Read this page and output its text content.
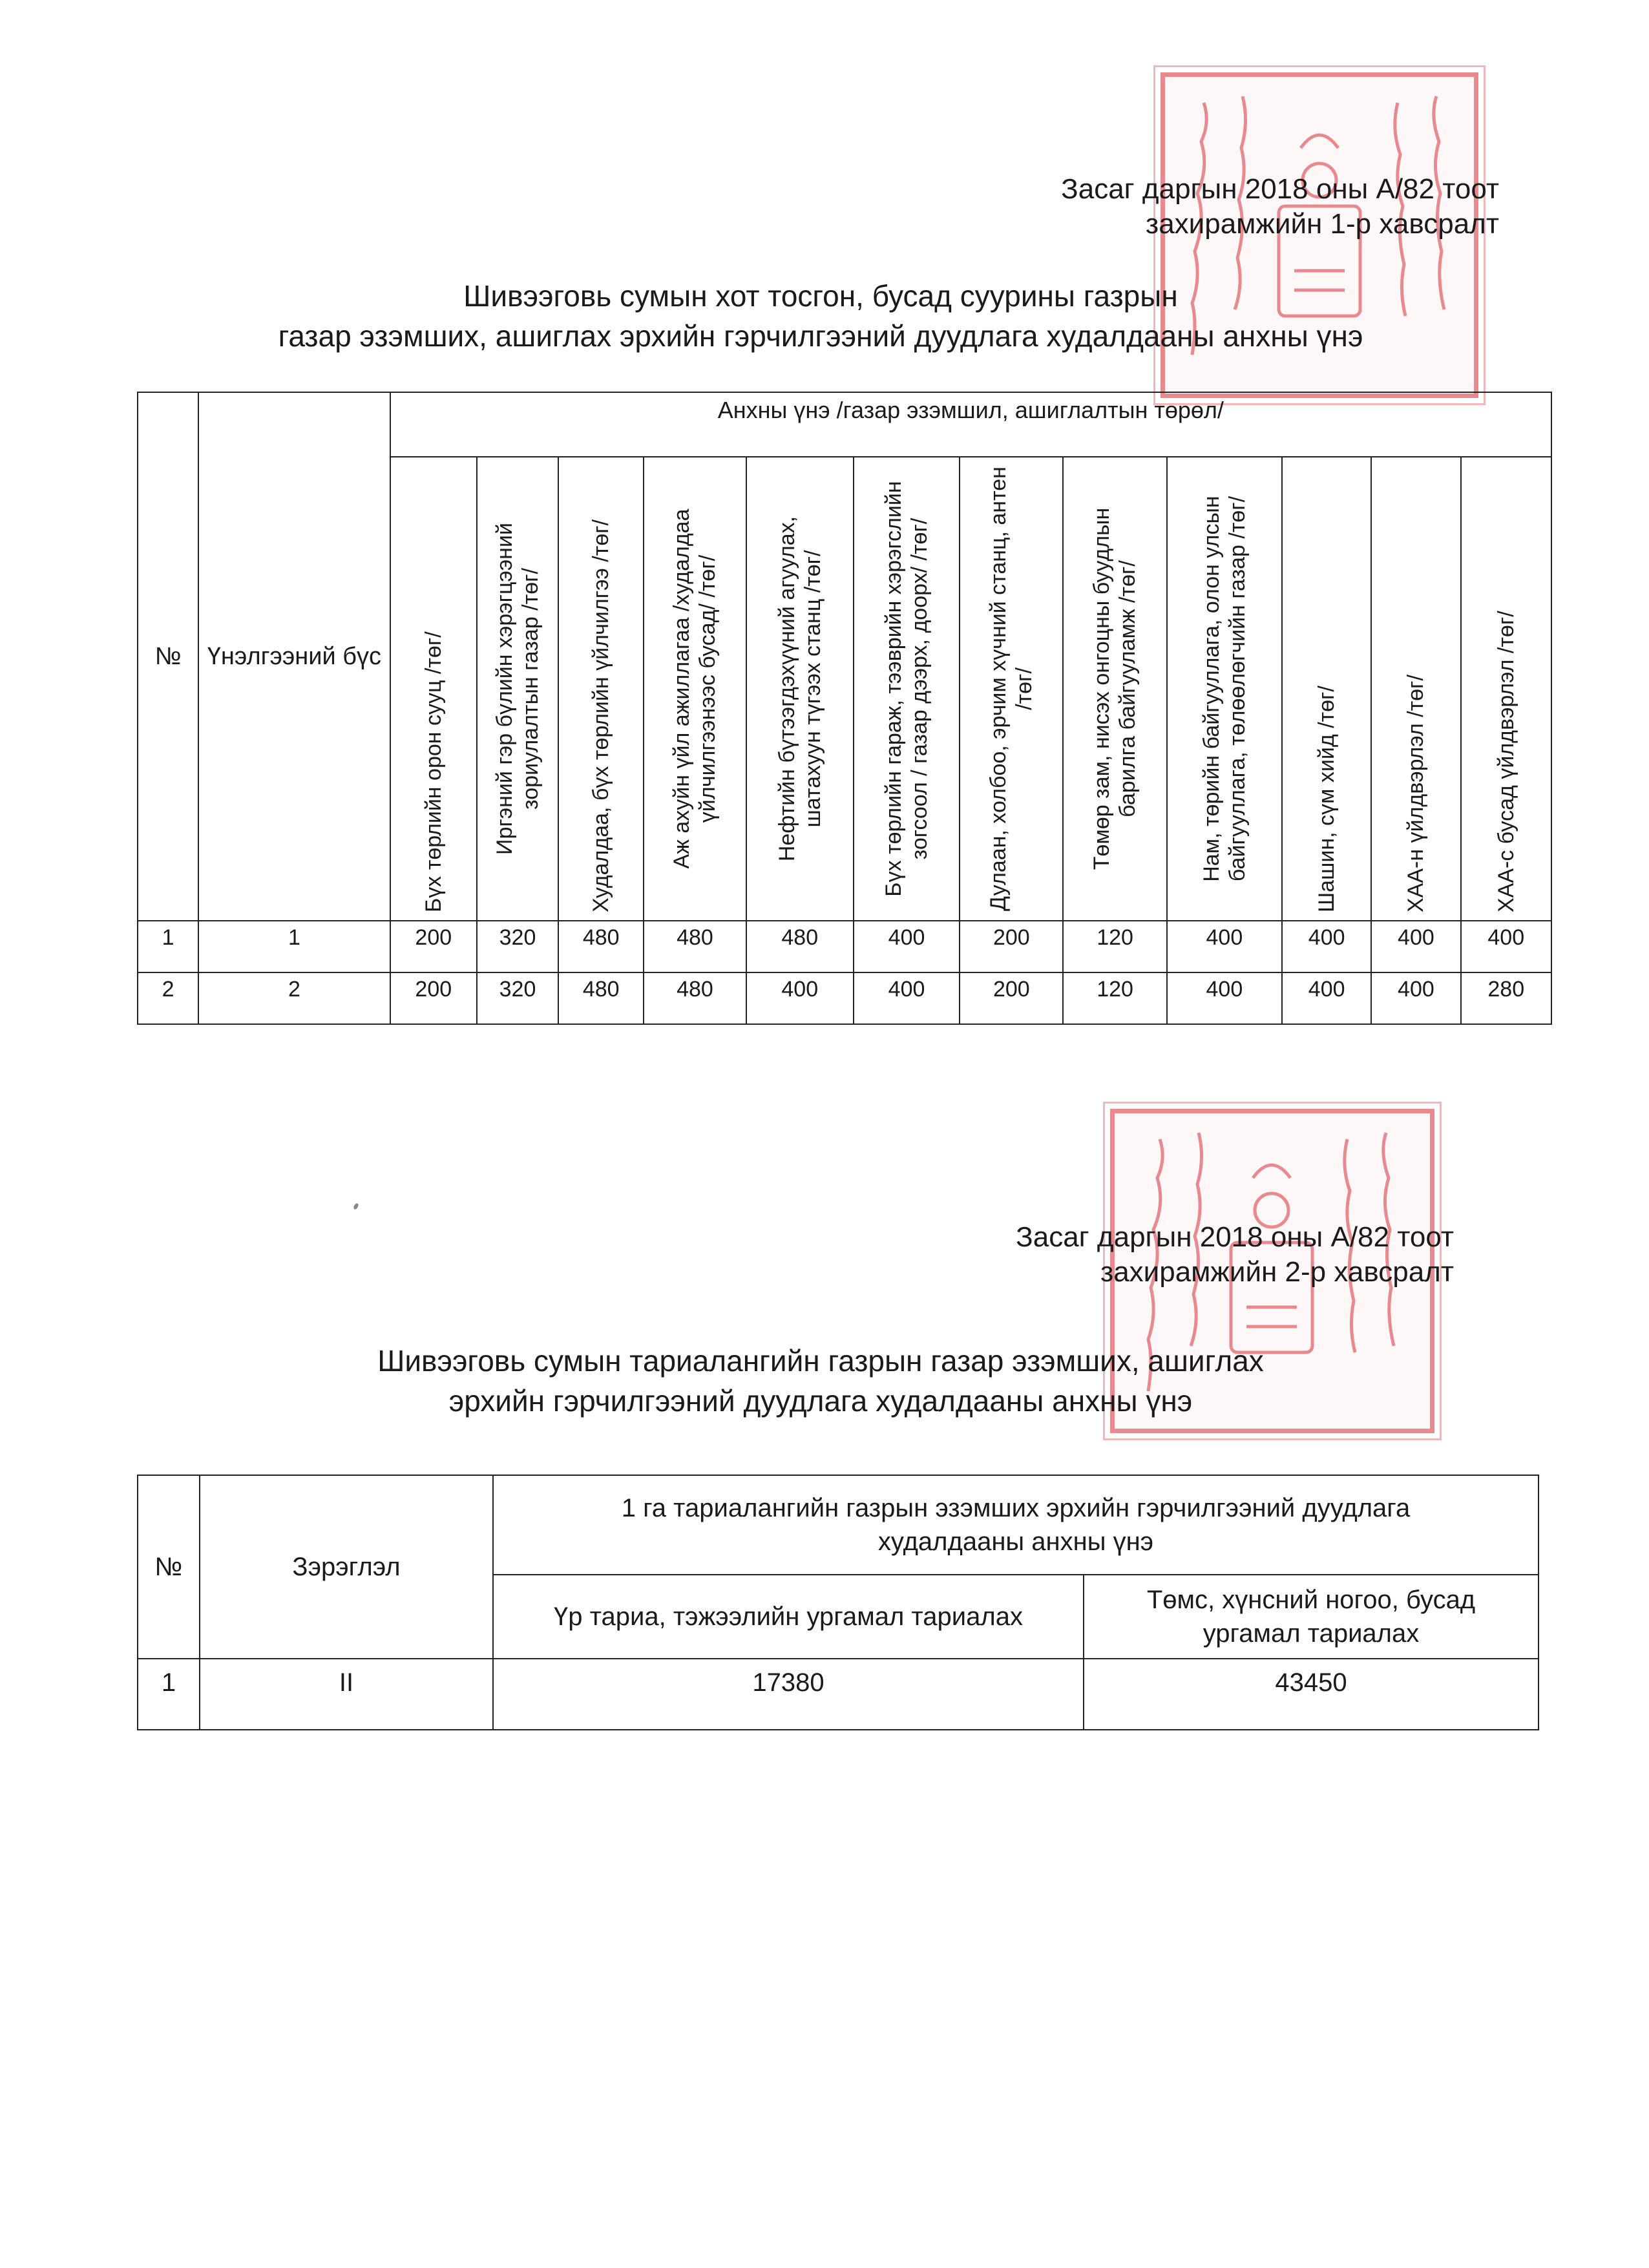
Засаг даргын 2018 оны А/82 тоот
захирамжийн 1-р хавсралт
Шивээговь сумын хот тосгон, бусад суурины газрын
газар эзэмших, ашиглах эрхийн гэрчилгээний дуудлага худалдааны анхны үнэ
№	Үнэлгээний бүс	Анхны үнэ /газар эзэмшил, ашиглалтын төрөл/											

Бүх төрлийн орон сууц /төг/	Иргэний гэр бүлийн хэрэгцээний зориулалтын газар /төг/	Худалдаа, бүх төрлийн үйлчилгээ /төг/	Аж ахуйн үйл ажиллагаа /худалдаа үйлчилгээнээс бусад/ /төг/	Нефтийн бүтээгдэхүүний агуулах, шатахуун түгээх станц /төг/	Бүх төрлийн гараж, тээврийн хэрэгслийн зогсоол / газар дээрх, доорх/ /төг/	Дулаан, холбоо, эрчим хүчний станц, антен /төг/	Төмөр зам, нисэх онгоцны буудлын барилга байгууламж /төг/	Нам, төрийн байгууллага, олон улсын байгууллага, төлөөлөгчийн газар /төг/	Шашин, сүм хийд /төг/	ХАА-н үйлдвэрлэл /төг/	ХАА-с бусад үйлдвэрлэл /төг/

1	1	200	320	480	480	480	400	200	120	400	400	400	400
2	2	200	320	480	480	400	400	200	120	400	400	400	280
Засаг даргын 2018 оны А/82 тоот
захирамжийн 2-р хавсралт
Шивээговь сумын тариалангийн газрын газар эзэмших, ашиглах
эрхийн гэрчилгээний дуудлага худалдааны анхны үнэ
№	Зэрэглэл	1 га тариалангийн газрын эзэмших эрхийн гэрчилгээний дуудлага худалдааны анхны үнэ	
		Үр тариа, тэжээлийн ургамал тариалах	Төмс, хүнсний ногоо, бусад ургамал тариалах
1	II	17380	43450
